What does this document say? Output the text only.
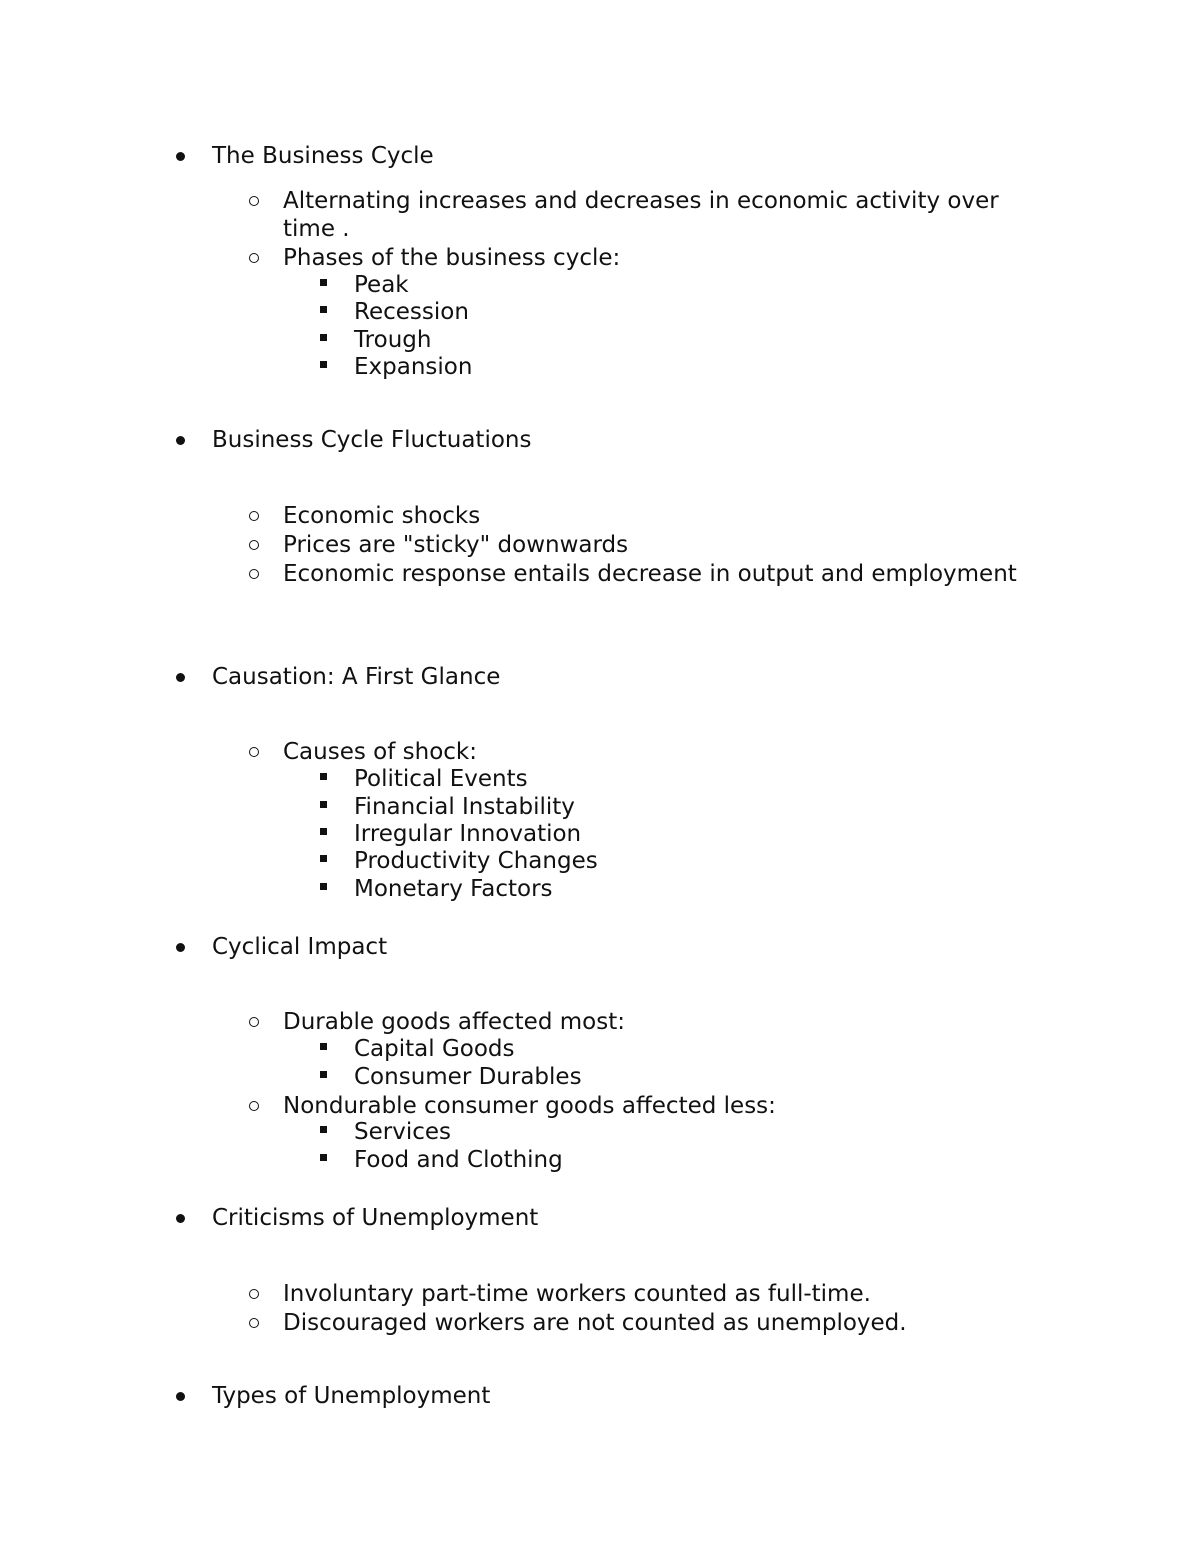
The Business Cycle
Alternating increases and decreases in economic activity over
time .
Phases of the business cycle:
Peak
Recession
Trough
Expansion
Business Cycle Fluctuations
Economic shocks
Prices are "sticky" downwards
Economic response entails decrease in output and employment
Causation: A First Glance
Causes of shock:
Political Events
Financial Instability
Irregular Innovation
Productivity Changes
Monetary Factors
Cyclical Impact
Durable goods affected most:
Capital Goods
Consumer Durables
Nondurable consumer goods affected less:
Services
Food and Clothing
Criticisms of Unemployment
Involuntary part-time workers counted as full-time.
Discouraged workers are not counted as unemployed.
Types of Unemployment
